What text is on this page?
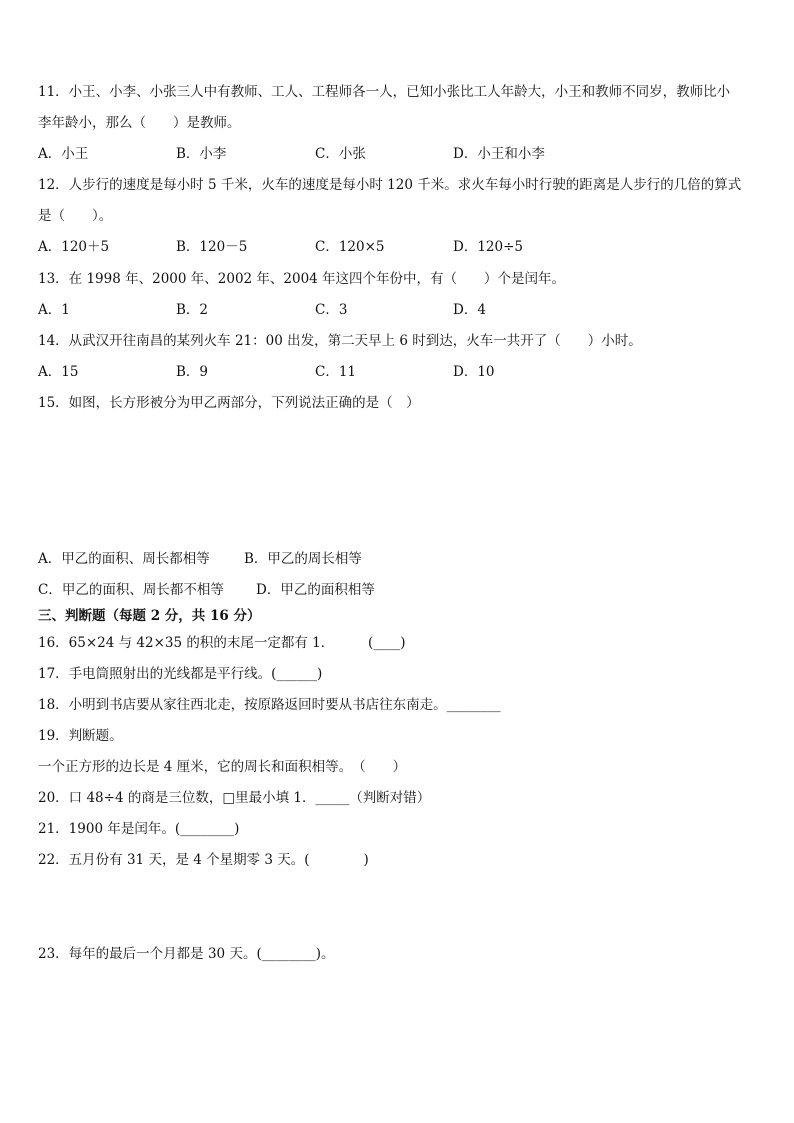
11．小王、小李、小张三人中有教师、工人、工程师各一人，已知小张比工人年龄大，小王和教师不同岁，教师比小
李年龄小，那么（　　）是教师。
A．小王	B．小李	C．小张	D．小王和小李
12．人步行的速度是每小时 5 千米，火车的速度是每小时 120 千米。求火车每小时行驶的距离是人步行的几倍的算式
是（　　）。
A．120＋5	B．120－5	C．120×5	D．120÷5
13．在 1998 年、2000 年、2002 年、2004 年这四个年份中，有（　　）个是闰年。
A．1	B．2	C．3	D．4
14．从武汉开往南昌的某列火车 21：00 出发，第二天早上 6 时到达，火车一共开了（　　）小时。
A．15	B．9	C．11	D．10
15．如图，长方形被分为甲乙两部分，下列说法正确的是（　）
A．甲乙的面积、周长都相等	B．甲乙的周长相等
C．甲乙的面积、周长都不相等 D．甲乙的面积相等
三、判断题（每题 2 分，共 16 分）
16．65×24 与 42×35 的积的末尾一定都有 1．　　　(____)
17．手电筒照射出的光线都是平行线。(______)
18．小明到书店要从家往西北走，按原路返回时要从书店往东南走。________
19．判断题。
一个正方形的边长是 4 厘米，它的周长和面积相等。　（　　）
20．口 48÷4 的商是三位数，□里最小填 1．_____（判断对错）
21．1900 年是闰年。(________)
22．五月份有 31 天，是 4 个星期零 3 天。(　　　　)
23．每年的最后一个月都是 30 天。(________)。
